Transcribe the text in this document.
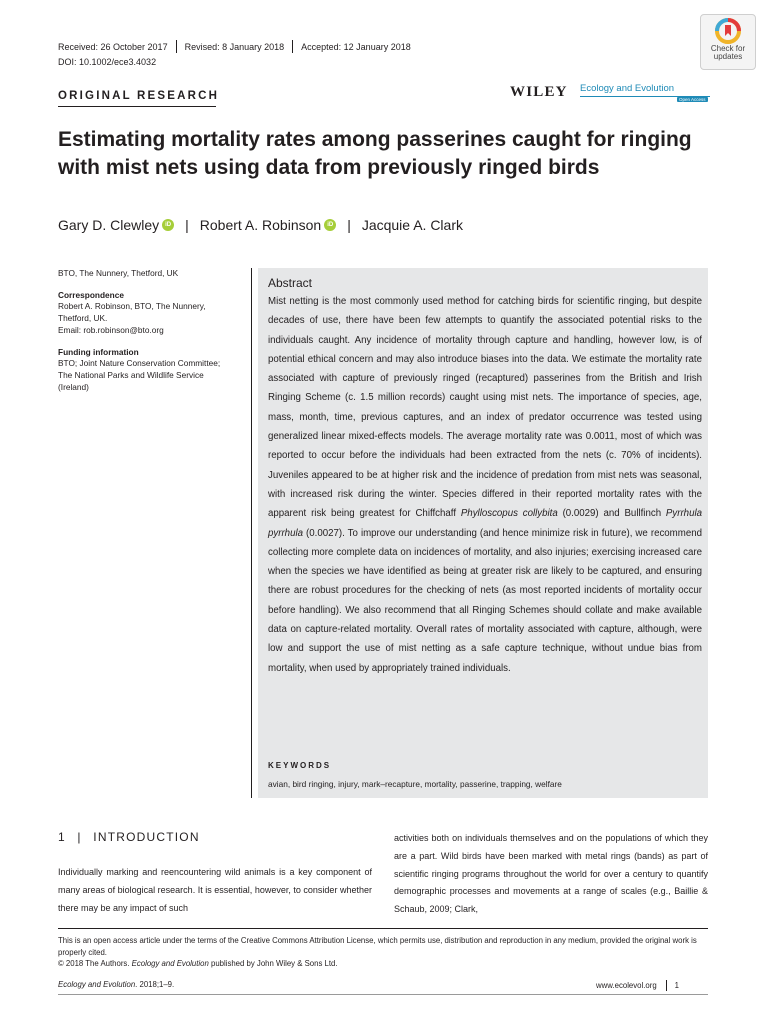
Received: 26 October 2017	Revised: 8 January 2018	Accepted: 12 January 2018
DOI: 10.1002/ece3.4032
Check for updates
ORIGINAL RESEARCH	WILEY Ecology and Evolution
Open Access
Estimating mortality rates among passerines caught for ringing with mist nets using data from previously ringed birds
Gary D. Clewley	iD | Robert A. Robinson	iD | Jacquie A. Clark
BTO, The Nunnery, Thetford, UK
Correspondence
Robert A. Robinson, BTO, The Nunnery, Thetford, UK.
Email: rob.robinson@bto.org
Funding information
BTO; Joint Nature Conservation Committee; The National Parks and Wildlife Service (Ireland)
Abstract

Mist netting is the most commonly used method for catching birds for scientific ringing, but despite decades of use, there have been few attempts to quantify the associated potential risks to the individuals caught. Any incidence of mortality through capture and handling, however low, is of potential ethical concern and may also introduce biases into the data. We estimate the mortality rate associated with capture of previously ringed (recaptured) passerines from the British and Irish Ringing Scheme (c. 1.5 million records) caught using mist nets. The importance of species, age, mass, month, time, previous captures, and an index of predator occurrence was tested using generalized linear mixed-effects models. The average mortality rate was 0.0011, most of which was reported to occur before the individuals had been extracted from the nets (c. 70% of incidents). Juveniles appeared to be at higher risk and the incidence of predation from mist nets was seasonal, with increased risk during the winter. Species differed in their reported mortality rates with the apparent risk being greatest for Chiffchaff Phylloscopus collybita (0.0029) and Bullfinch Pyrrhula pyrrhula (0.0027). To improve our understanding (and hence minimize risk in future), we recommend collecting more complete data on incidences of mortality, and also injuries; exercising increased care when the species we have identified as being at greater risk are likely to be captured, and ensuring there are robust procedures for the checking of nets (as most reported incidents of mortality occur before handling). We also recommend that all Ringing Schemes should collate and make available data on capture-related mortality. Overall rates of mortality associated with capture, although, were low and support the use of mist netting as a safe capture technique, without undue bias from mortality, when used by appropriately trained individuals.

KEYWORDS
avian, bird ringing, injury, mark–recapture, mortality, passerine, trapping, welfare
1 | INTRODUCTION

Individually marking and reencountering wild animals is a key component of many areas of biological research. It is essential, however, to consider whether there may be any impact of such

activities both on individuals themselves and on the populations of which they are a part. Wild birds have been marked with metal rings (bands) as part of scientific ringing programs throughout the world for over a century to quantify demographic processes and movements at a range of scales (e.g., Baillie & Schaub, 2009; Clark,

This is an open access article under the terms of the Creative Commons Attribution License, which permits use, distribution and reproduction in any medium, provided the original work is properly cited.
© 2018 The Authors. Ecology and Evolution published by John Wiley & Sons Ltd.
Ecology and Evolution. 2018;1–9.	www.ecolevol.org 1
